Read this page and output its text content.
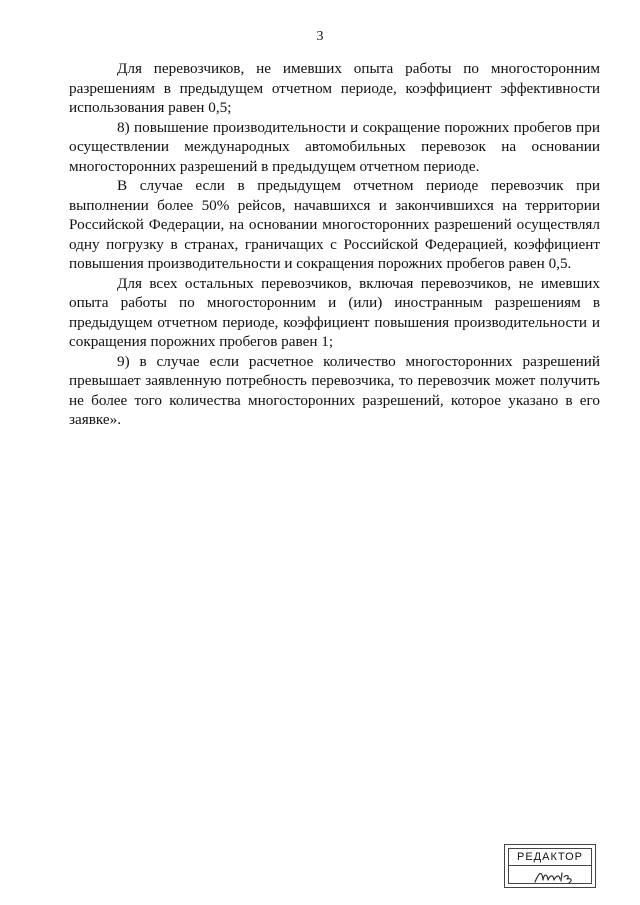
3

Для перевозчиков, не имевших опыта работы по многосторонним разрешениям в предыдущем отчетном периоде, коэффициент эффективности использования равен 0,5;

8) повышение производительности и сокращение порожних пробегов при осуществлении международных автомобильных перевозок на основании многосторонних разрешений в предыдущем отчетном периоде.

В случае если в предыдущем отчетном периоде перевозчик при выполнении более 50% рейсов, начавшихся и закончившихся на территории Российской Федерации, на основании многосторонних разрешений осуществлял одну погрузку в странах, граничащих с Российской Федерацией, коэффициент повышения производительности и сокращения порожних пробегов равен 0,5.

Для всех остальных перевозчиков, включая перевозчиков, не имевших опыта работы по многосторонним и (или) иностранным разрешениям в предыдущем отчетном периоде, коэффициент повышения производительности и сокращения порожних пробегов равен 1;

9) в случае если расчетное количество многосторонних разрешений превышает заявленную потребность перевозчика, то перевозчик может получить не более того количества многосторонних разрешений, которое указано в его заявке».

РЕДАКТОР
